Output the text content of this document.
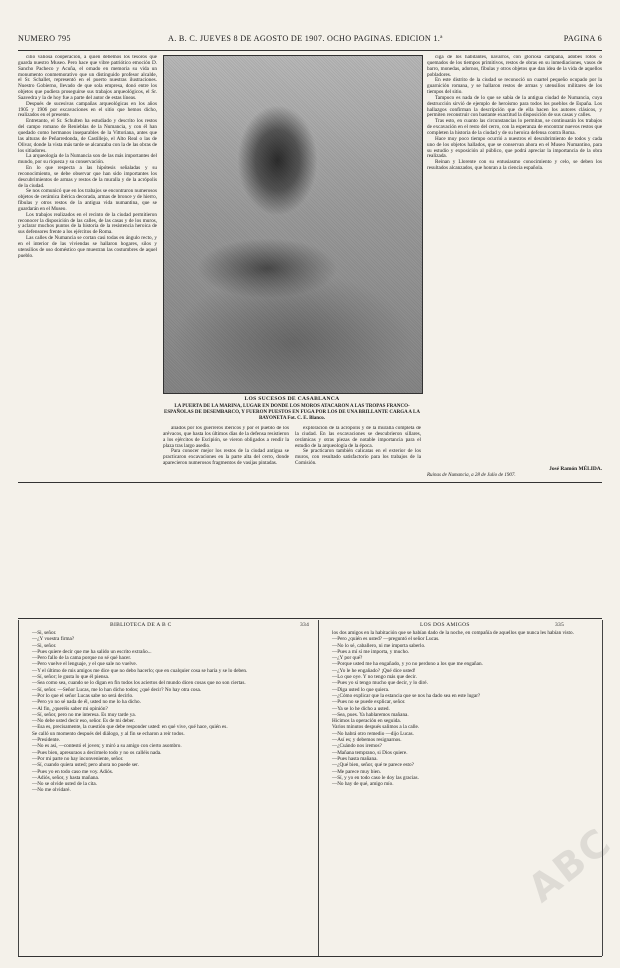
NUMERO 795	A. B. C. JUEVES 8 DE AGOSTO DE 1907. OCHO PAGINAS. EDICION 1.ª	PAGINA 6

cilio valiosa cooperación, a quien debemos los tesoros que guarda nuestro Museo. Pero hace que vibre patriótico emoción D. Sancho Pacheco y Acuña, el ornado en memoria su vida un monumento conmemorativo que un distinguido profesor alcalde, el Sr. Schallet, representó en el puerto nuestras ilustraciones. Nuestro Gobierno, llevado de que sola empresa, donó entre los objetos que pudiera proseguirse sus trabajos arqueológicos, el Sr. Saavedra y la de hoy fue a parte del autor de estas líneas.

Después de sucesivas campañas arqueológicas en los años 1905 y 1906 por excavaciones en el sitio que hemos dicho, realizados en el presente.

Entretanto, el Sr. Schulten ha estudiado y descrito los restos del campo romano de Renieblas de la Numancia, y con él han quedado como hermanos inseparables de la Vittoriana, antes que las alturas de Peñarredonda, de Castillejo, el Alto Real o las de Olivar, donde la vista más tarde se alcanzaba con la de las obras de los sitiadores.

La arqueología de la Numancia son de las más importantes del mundo, por su riqueza y su conservación.

En lo que respecta a las hipótesis señaladas y su reconocimiento, se debe observar que han sido importantes los descubrimientos de armas y restos de la muralla y de la acrópolis de la ciudad.

Se nos comunicó que en los trabajos se encontraron numerosos objetos de cerámica ibérica decorada, armas de bronce y de hierro, fíbulas y otros restos de la antigua vida numantina, que se guardarán en el Museo.

Los trabajos realizados en el recinto de la ciudad permitieron reconocer la disposición de las calles, de las casas y de los muros, y aclarar muchos puntos de la historia de la resistencia heroica de sus defensores frente a los ejércitos de Roma.

Las calles de Numancia se cortan casi todas en ángulo recto, y en el interior de las viviendas se hallaron hogares, silos y utensilios de uso doméstico que muestran las costumbres de aquel pueblo.

LOS SUCESOS DE CASABLANCA
LA PUERTA DE LA MARINA, LUGAR EN DONDE LOS MOROS ATACARON A LAS TROPAS FRANCO-ESPAÑOLAS DE DESEMBARCO, Y FUERON PUESTOS EN FUGA POR LOS DE UNA BRILLANTE CARGA A LA BAYONETA Fot. C. E. Blanco.

aliados por los guerreros ibéricos y por el pueblo de los arévacos, que hasta los últimos días de la defensa resistieron a los ejércitos de Escipión, se vieron obligados a rendir la plaza tras largo asedio.

Para conocer mejor los restos de la ciudad antigua se practicaron excavaciones en la parte alta del cerro, donde aparecieron numerosos fragmentos de vasijas pintadas.

exploración de la acrópolis y de la muralla completa de la ciudad. En las excavaciones se descubrieron sillares, cerámicas y otras piezas de notable importancia para el estudio de la arqueología de la época.

Se practicaron también calicatas en el exterior de los muros, con resultado satisfactorio para los trabajos de la Comisión.

ciga de los habitantes, navarros, con gloriosa campaña, adobes rotos o quemados de los tiempos primitivos, restos de obras en su inmediaciones, vasos de barro, monedas, adornos, fíbulas y otros objetos que dan idea de la vida de aquellos pobladores.

En este distrito de la ciudad se reconoció un cuartel pequeño ocupado por la guarnición romana, y se hallaron restos de armas y utensilios militares de los tiempos del sitio.

Tampoco es nada de lo que se sabía de la antigua ciudad de Numancia, cuya destrucción sirvió de ejemplo de heroísmo para todos los pueblos de España. Los hallazgos confirman la descripción que de ella hacen los autores clásicos, y permiten reconstruir con bastante exactitud la disposición de sus casas y calles.

Tras esto, en cuanto las circunstancias lo permitan, se continuarán los trabajos de excavación en el resto del cerro, con la esperanza de encontrar nuevos restos que completen la historia de la ciudad y de su heroica defensa contra Roma.

Hace muy poco tiempo ocurrió a nuestros el descubrimiento de todos y cada uno de los objetos hallados, que se conservan ahora en el Museo Numantino, para su estudio y exposición al público, que podrá apreciar la importancia de la obra realizada.

Reinan y Llorente con su entusiasmo conocimiento y celo, se deben los resultados alcanzados, que honran a la ciencia española.

José Ramón MÉLIDA.
Ruinas de Numancia, a 28 de Julio de 1907.
BIBLIOTECA DE A B C	334	LOS DOS AMIGOS	335

—Si, señor.

—¿Y vuestra firma?

—Si, señor.

—Pues quiere decir que me ha salido un escrito extraño...

—Pero fallo de la cama porque no sé qué hacer.

—Pero vuelve el lenguaje, y el que sale no vuelve.

—Y el último de mis amigos me dice que no debo hacerlo; que en cualquier cosa se haría y se lo deben.

—Sí, señor; le gusta lo que él piensa.

—Sea como sea, cuando se lo digan en fin todos los aciertos del mundo dicen cosas que no son ciertas.

—Sí, señor. —Señor Lucas, me lo han dicho todos; ¿qué decir? No hay otra cosa.

—Por lo que el señor Lucas sabe no será decirlo.

—Pero yo no sé nada de él, usted no me lo ha dicho.

—Al fin, ¿queréis saber mi opinión?

—Sí, señor, pero no me interesa. Es muy tarde ya.

—No debe usted decir eso, señor. Es de mi deber.

—Esa es, precisamente, la cuestión que debe responder usted: en qué vive, qué hace, quién es.

Se calló un momento después del diálogo, y al fin se echaron a reír todos.

—Presidente.

—No es así, —contestó el joven; y miró a su amigo con cierto asombro.

—Pues bien, apresuraos a decírmelo todo y no os calléis nada.

—Por mi parte no hay inconveniente, señor.

—Sí, cuando quiera usted; pero ahora no puede ser.

—Pues yo en todo caso me voy. Adiós.

—Adiós, señor, y hasta mañana.

—No se olvide usted de la cita.

—No me olvidaré.

los dos amigos en la habitación que se habían dado de la noche, en compañía de aquellos que nunca les habían visto.

—Pero ¿quién es usted? —preguntó el señor Lucas.

—No lo sé, caballero, ni me importa saberlo.

—Pues a mí sí me importa, y mucho.

—¿Y por qué?

—Porque usted me ha engañado, y yo no perdono a los que me engañan.

—¿Yo le he engañado? ¡Qué dice usted!

—Lo que oye. Y no tengo más que decir.

—Pues yo sí tengo mucho que decir, y lo diré.

—Diga usted lo que quiera.

—¿Cómo explicar que la estancia que se nos ha dado sea en este lugar?

—Pues no se puede explicar, señor.

—Ya se lo he dicho a usted.

—Sea, pues. Ya hablaremos mañana.

Hicimos la operación en seguida.

Varios minutos después salimos a la calle.

—No habrá otro remedio —dijo Lucas.

—Así es; y debemos resignarnos.

—¿Cuándo nos iremos?

—Mañana temprano, si Dios quiere.

—Pues hasta mañana.

—¿Qué bien, señor, qué te parece esto?

—Me parece muy bien.

—Sí, y yo en todo caso le doy las gracias.

—No hay de qué, amigo mío.

ABC
